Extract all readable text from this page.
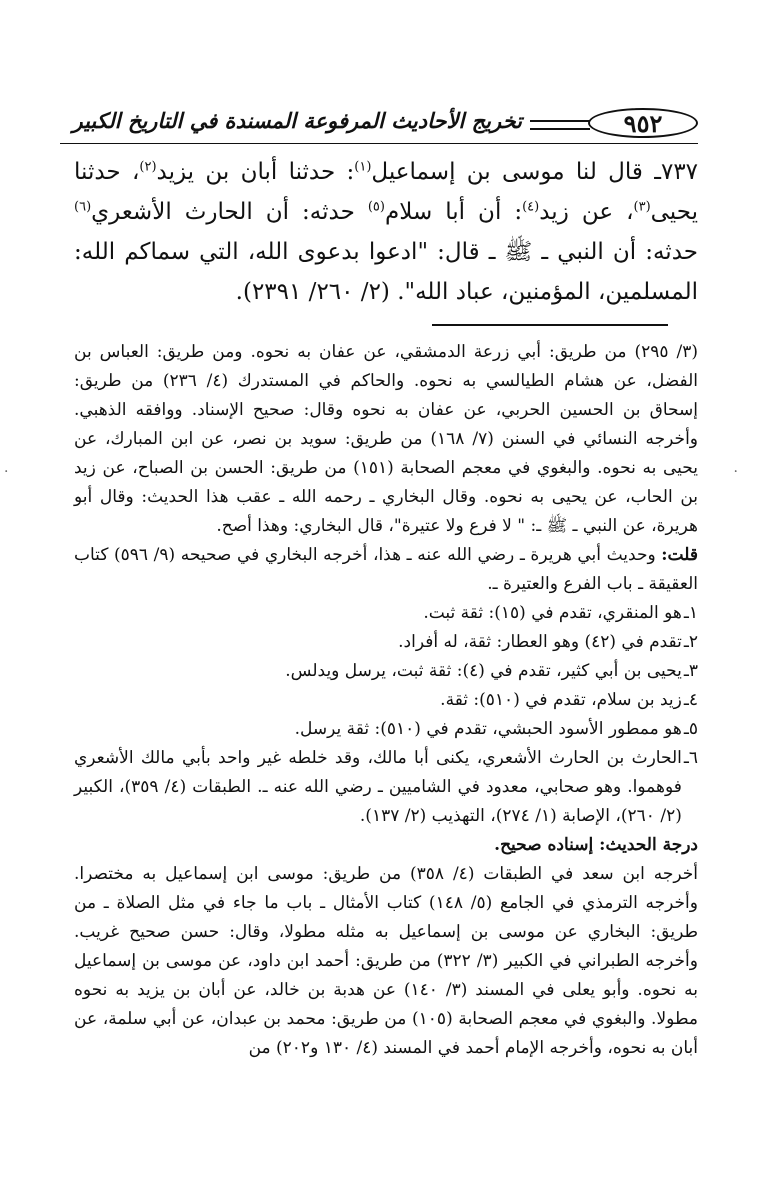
٩٥٢
تخريج الأحاديث المرفوعة المسندة في التاريخ الكبير

٧٣٧ـ قال لنا موسى بن إسماعيل$^{(١)}$: حدثنا أبان بن يزيد$^{(٢)}$، حدثنا يحيى$^{(٣)}$، عن زيد$^{(٤)}$: أن أبا سلام$^{(٥)}$ حدثه: أن الحارث الأشعري$^{(٦)}$ حدثه: أن النبي ـ ﷺ ـ قال: "ادعوا بدعوى الله، التي سماكم الله: المسلمين، المؤمنين، عباد الله". (٢/ ٢٦٠/ ٢٣٩١).

(٣/ ٢٩٥) من طريق: أبي زرعة الدمشقي، عن عفان به نحوه. ومن طريق: العباس بن الفضل، عن هشام الطيالسي به نحوه. والحاكم في المستدرك (٤/ ٢٣٦) من طريق: إسحاق بن الحسين الحربي، عن عفان به نحوه وقال: صحيح الإسناد. ووافقه الذهبي. وأخرجه النسائي في السنن (٧/ ١٦٨) من طريق: سويد بن نصر، عن ابن المبارك، عن يحيى به نحوه. والبغوي في معجم الصحابة (١٥١) من طريق: الحسن بن الصباح، عن زيد بن الحاب، عن يحيى به نحوه. وقال البخاري ـ رحمه الله ـ عقب هذا الحديث: وقال أبو هريرة، عن النبي ـ ﷺ ـ: " لا فرع ولا عتيرة"، قال البخاري: وهذا أصح.

قلت: وحديث أبي هريرة ـ رضي الله عنه ـ هذا، أخرجه البخاري في صحيحه (٩/ ٥٩٦) كتاب العقيقة ـ باب الفرع والعتيرة ـ.

١ـ
هو المنقري، تقدم في (١٥): ثقة ثبت.
٢ـ
تقدم في (٤٢) وهو العطار: ثقة، له أفراد.
٣ـ
يحيى بن أبي كثير، تقدم في (٤): ثقة ثبت، يرسل ويدلس.
٤ـ
زيد بن سلام، تقدم في (٥١٠): ثقة.
٥ـ
هو ممطور الأسود الحبشي، تقدم في (٥١٠): ثقة يرسل.
٦ـ
الحارث بن الحارث الأشعري، يكنى أبا مالك، وقد خلطه غير واحد بأبي مالك الأشعري فوهموا. وهو صحابي، معدود في الشاميين ـ رضي الله عنه ـ. الطبقات (٤/ ٣٥٩)، الكبير (٢/ ٢٦٠)، الإصابة (١/ ٢٧٤)، التهذيب (٢/ ١٣٧).

درجة الحديث: إسناده صحيح.

أخرجه ابن سعد في الطبقات (٤/ ٣٥٨) من طريق: موسى ابن إسماعيل به مختصرا. وأخرجه الترمذي في الجامع (٥/ ١٤٨) كتاب الأمثال ـ باب ما جاء في مثل الصلاة ـ من طريق: البخاري عن موسى بن إسماعيل به مثله مطولا، وقال: حسن صحيح غريب. وأخرجه الطبراني في الكبير (٣/ ٣٢٢) من طريق: أحمد ابن داود، عن موسى بن إسماعيل به نحوه. وأبو يعلى في المسند (٣/ ١٤٠) عن هدبة بن خالد، عن أبان بن يزيد به نحوه مطولا. والبغوي في معجم الصحابة (١٠٥) من طريق: محمد بن عبدان، عن أبي سلمة، عن أبان به نحوه، وأخرجه الإمام أحمد في المسند (٤/ ١٣٠ و٢٠٢) من

·
·
